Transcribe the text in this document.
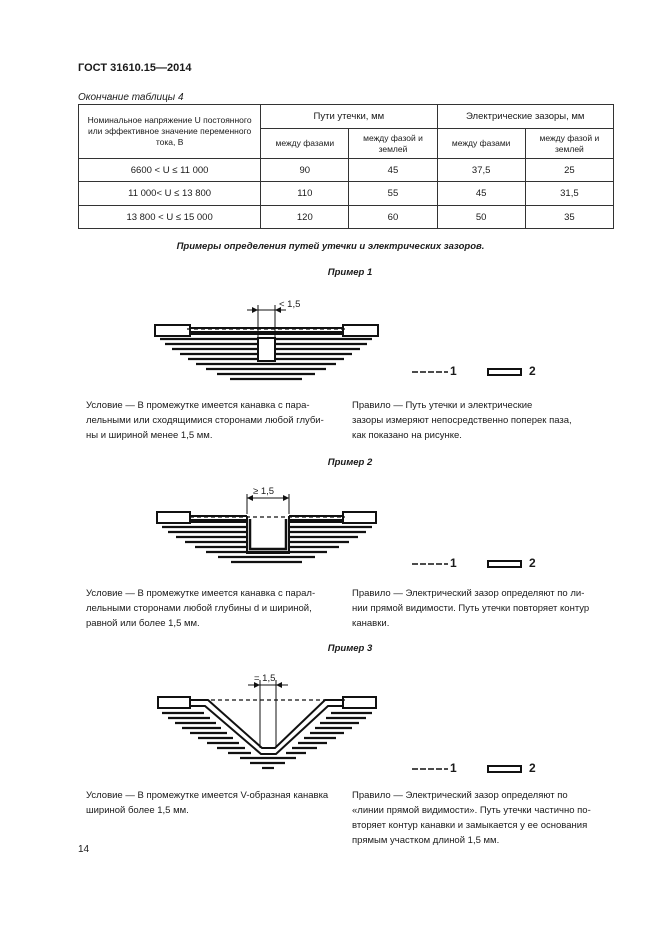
ГОСТ 31610.15—2014
Окончание таблицы 4
Номинальное напряжение U постоянного или эффективное значение переменного тока, В	Пути утечки, мм		Электрические зазоры, мм	
	между фазами	между фазой и землей	между фазами	между фазой и землей
6600 < U ≤ 11 000	90	45	37,5	25
11 000< U ≤ 13 800	110	55	45	31,5
13 800 < U ≤ 15 000	120	60	50	35
Примеры определения путей утечки и электрических зазоров.
Пример 1
< 1,5
Условие — В промежутке имеется канавка с пара-
лельными или сходящимися сторонами любой глуби-
ны и шириной менее 1,5 мм.
Правило — Путь утечки и электрические
зазоры измеряют непосредственно поперек паза,
как показано на рисунке.
Пример 2
≥ 1,5
Условие — В промежутке имеется канавка с парал-
лельными сторонами любой глубины d и шириной,
равной или более 1,5 мм.
Правило — Электрический зазор определяют по ли-
нии прямой видимости. Путь утечки повторяет контур
канавки.
Пример 3
= 1,5
Условие — В промежутке имеется V-образная канавка
шириной более 1,5 мм.
Правило — Электрический зазор определяют по
«линии прямой видимости». Путь утечки частично по-
вторяет контур канавки и замыкается у ее основания
прямым участком длиной 1,5 мм.
1	2
1	2
1	2
14
